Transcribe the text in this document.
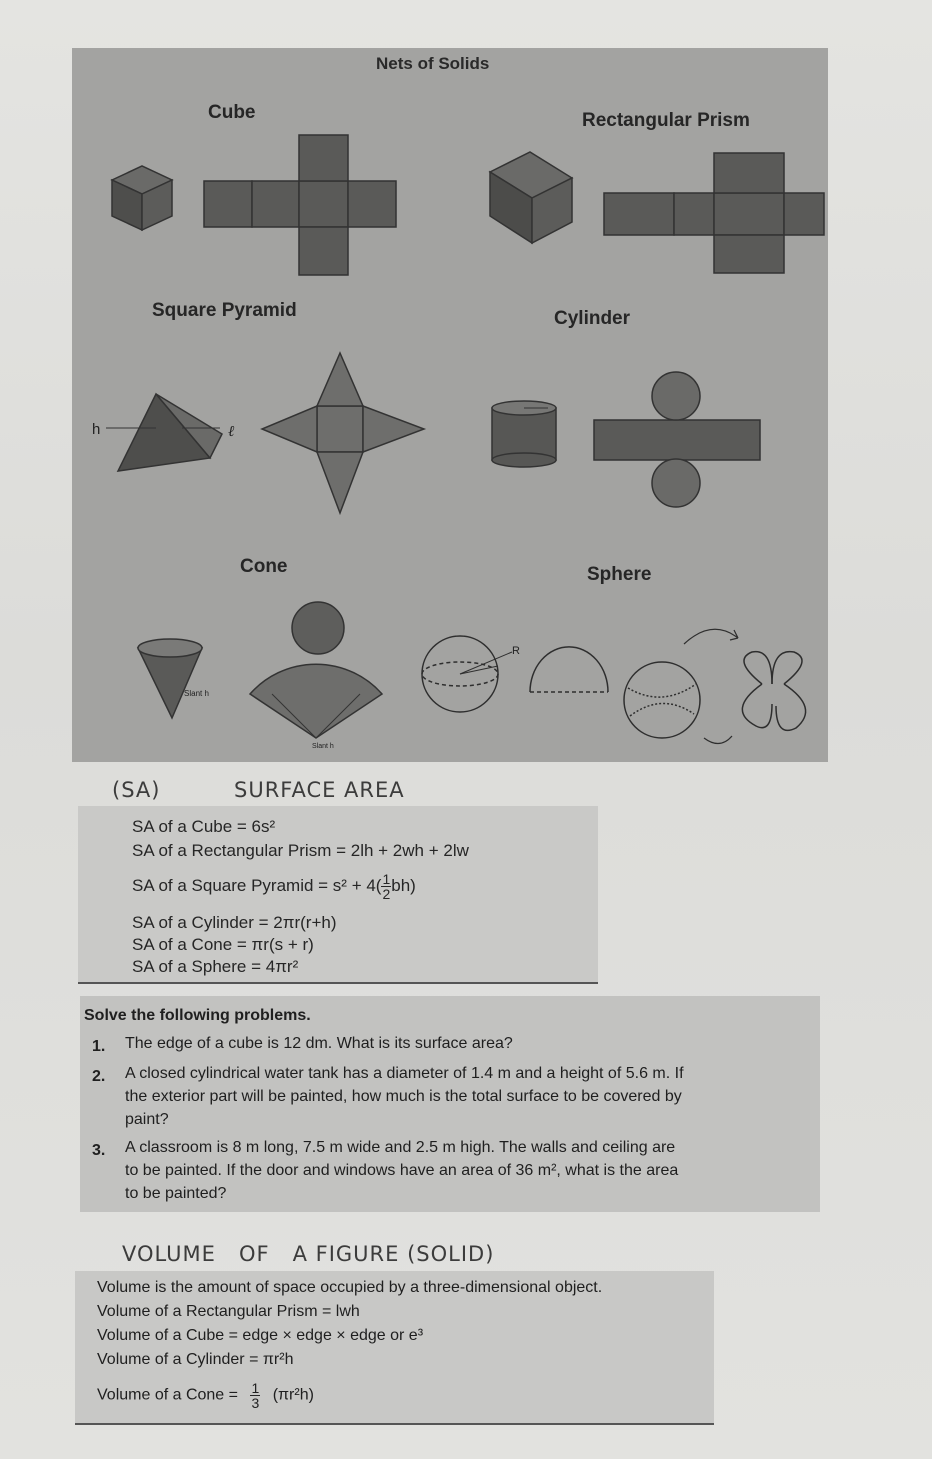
Nets of Solids
Cube	Rectangular Prism
Square Pyramid	Cylinder
Cone	Sphere
h	ℓ
Slant h
Slant h
R
(SA)	SURFACE AREA
SA of a Cube = 6s²
SA of a Rectangular Prism = 2lh + 2wh + 2lw
SA of a Square Pyramid = $s^2 + 4( \frac{1}{2} bh)$
SA of a Cylinder = 2πr(r+h)
SA of a Cone = πr(s + r)
SA of a Sphere = 4πr²
Solve the following problems.
1. The edge of a cube is 12 dm. What is its surface area?
2. A closed cylindrical water tank has a diameter of 1.4 m and a height of 5.6 m. If
the exterior part will be painted, how much is the total surface to be covered by
paint?
3. A classroom is 8 m long, 7.5 m wide and 2.5 m high. The walls and ceiling are
to be painted. If the door and windows have an area of 36 m², what is the area
to be painted?
VOLUME   OF   A FIGURE (SOLID)
Volume is the amount of space occupied by a three-dimensional object.
Volume of a Rectangular Prism = lwh
Volume of a Cube = edge × edge × edge or e³
Volume of a Cylinder = πr²h
Volume of a Cone = $\frac{1}{3} (\pi r^2h)$
